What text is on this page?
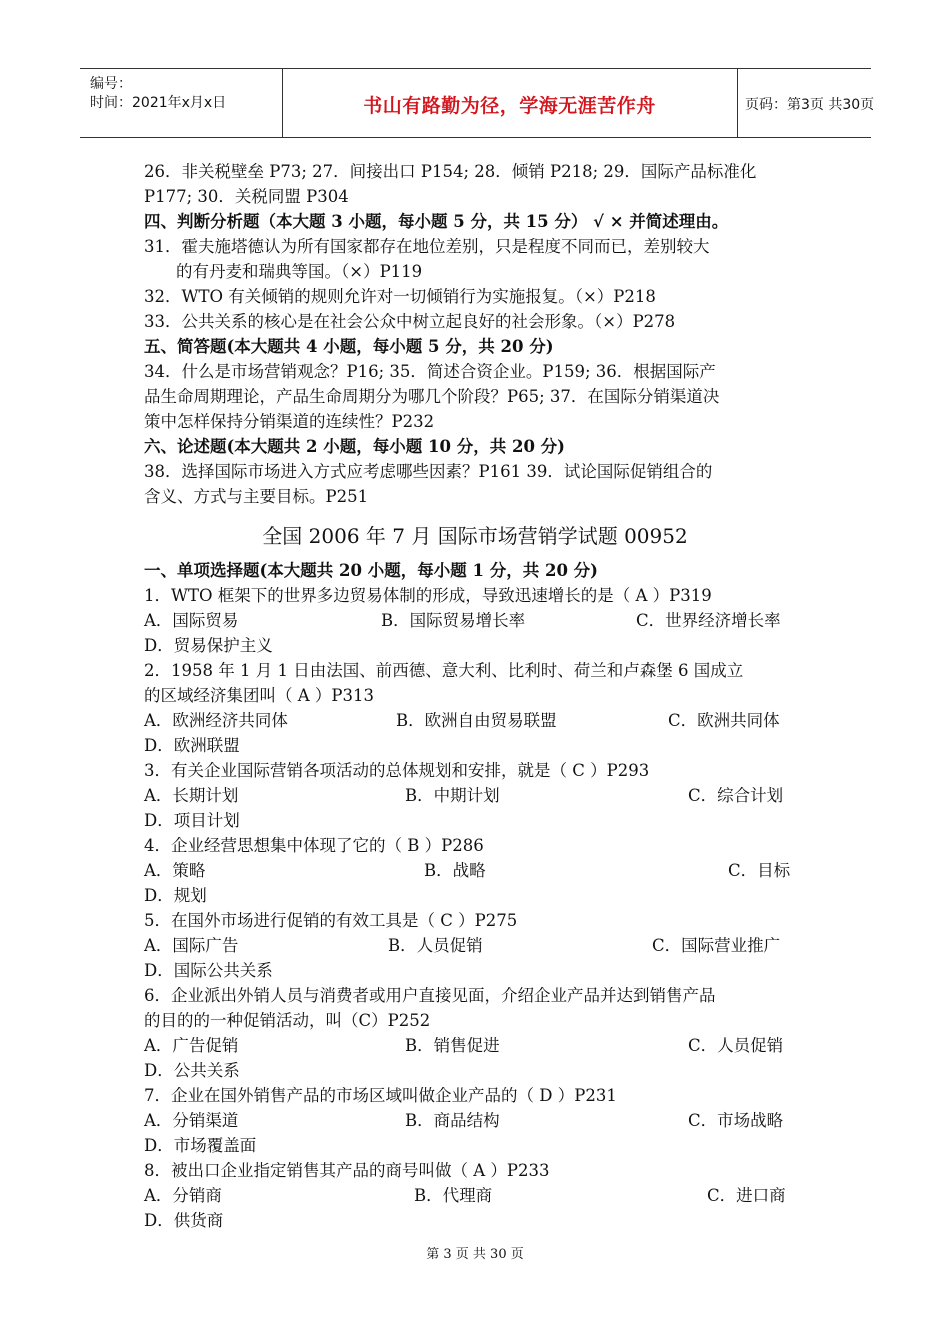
编号：
时间：2021年x月x日	书山有路勤为径，学海无涯苦作舟	页码：第3页 共30页
26．非关税壁垒 P73; 27．间接出口 P154; 28．倾销 P218; 29．国际产品标准化
P177; 30．关税同盟 P304
四、判断分析题（本大题 3 小题，每小题 5 分，共 15 分） √ × 并简述理由。
31．霍夫施塔德认为所有国家都存在地位差别，只是程度不同而已，差别较大
的有丹麦和瑞典等国。（×）P119
32．WTO 有关倾销的规则允许对一切倾销行为实施报复。（×）P218
33．公共关系的核心是在社会公众中树立起良好的社会形象。（×）P278
五、简答题(本大题共 4 小题，每小题 5 分，共 20 分)
34．什么是市场营销观念？P16; 35．简述合资企业。P159; 36．根据国际产
品生命周期理论，产品生命周期分为哪几个阶段？P65; 37．在国际分销渠道决
策中怎样保持分销渠道的连续性？P232
六、论述题(本大题共 2 小题，每小题 10 分，共 20 分)
38．选择国际市场进入方式应考虑哪些因素？P161 39．试论国际促销组合的
含义、方式与主要目标。P251
全国 2006 年 7 月 国际市场营销学试题 00952
一、单项选择题(本大题共 20 小题，每小题 1 分，共 20 分)
1．WTO 框架下的世界多边贸易体制的形成，导致迅速增长的是（ A ）P319
A．国际贸易	B．国际贸易增长率	C．世界经济增长率
D．贸易保护主义
2．1958 年 1 月 1 日由法国、前西德、意大利、比利时、荷兰和卢森堡 6 国成立
的区域经济集团叫（ A ）P313
A．欧洲经济共同体	B．欧洲自由贸易联盟	C．欧洲共同体
D．欧洲联盟
3．有关企业国际营销各项活动的总体规划和安排，就是（ C ）P293
A．长期计划	B．中期计划	C．综合计划
D．项目计划
4．企业经营思想集中体现了它的（ B ）P286
A．策略	B．战略	C．目标
D．规划
5．在国外市场进行促销的有效工具是（ C ）P275
A．国际广告	B．人员促销	C．国际营业推广
D．国际公共关系
6．企业派出外销人员与消费者或用户直接见面，介绍企业产品并达到销售产品
的目的的一种促销活动，叫（C）P252
A．广告促销	B．销售促进	C．人员促销
D．公共关系
7．企业在国外销售产品的市场区域叫做企业产品的（ D ）P231
A．分销渠道	B．商品结构	C．市场战略
D．市场覆盖面
8．被出口企业指定销售其产品的商号叫做（ A ）P233
A．分销商	B．代理商	C．进口商
D．供货商
第 3 页 共 30 页
